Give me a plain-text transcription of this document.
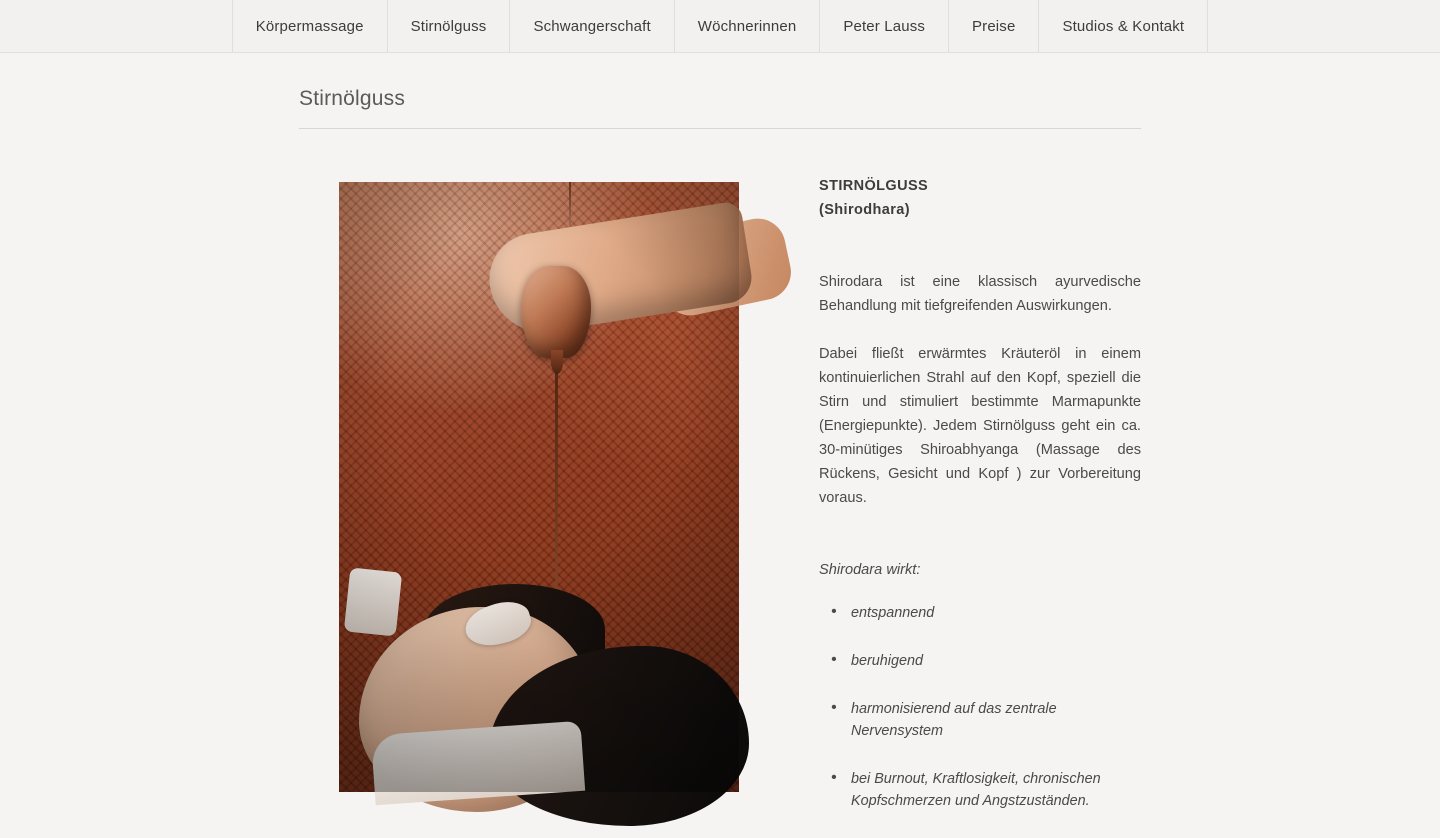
Körpermassage	Stirnölguss	Schwangerschaft	Wöchnerinnen	Peter Lauss	Preise	Studios & Kontakt
Stirnölguss
STIRNÖLGUSS
(Shirodhara)

Shirodara ist eine klassisch ayurvedische Behandlung mit tiefgreifenden Auswirkungen.

Dabei fließt erwärmtes Kräuteröl in einem kontinuierlichen Strahl auf den Kopf, speziell die Stirn und stimuliert bestimmte Marmapunkte (Energiepunkte). Jedem Stirnölguss geht ein ca. 30-minütiges Shiroabhyanga (Massage des Rückens, Gesicht und Kopf ) zur Vorbereitung voraus.

Shirodara wirkt:

• entspannend
• beruhigend
• harmonisierend auf das zentrale Nervensystem
• bei Burnout, Kraftlosigkeit, chronischen Kopfschmerzen und Angstzuständen.
